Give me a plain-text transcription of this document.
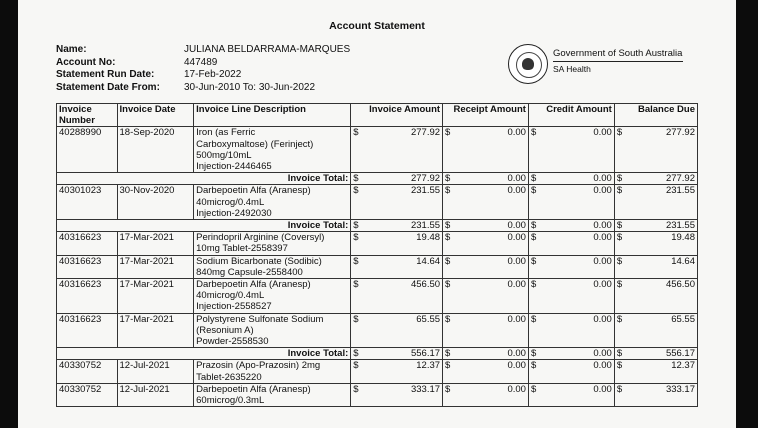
Account Statement
Name:	JULIANA BELDARRAMA-MARQUES
Account No:	447489
Statement Run Date:	17-Feb-2022
Statement Date From: 30-Jun-2010 To: 30-Jun-2022
Government of South Australia
SA Health
Invoice Number	Invoice Date	Invoice Line Description	Invoice Amount		Receipt Amount		Credit Amount		Balance Due	
40288990	18-Sep-2020	Iron (as Ferric
Carboxymaltose) (Ferinject)
500mg/10mL
Injection-2446465	$	277.92	$	0.00	$	0.00	$	277.92
Invoice Total:			$	277.92	$	0.00	$	0.00	$	277.92
40301023	30-Nov-2020	Darbepoetin Alfa (Aranesp)
40microg/0.4mL
Injection-2492030	$	231.55	$	0.00	$	0.00	$	231.55
Invoice Total:			$	231.55	$	0.00	$	0.00	$	231.55
40316623	17-Mar-2021	Perindopril Arginine (Coversyl)
10mg Tablet-2558397	$	19.48	$	0.00	$	0.00	$	19.48
40316623	17-Mar-2021	Sodium Bicarbonate (Sodibic)
840mg Capsule-2558400	$	14.64	$	0.00	$	0.00	$	14.64
40316623	17-Mar-2021	Darbepoetin Alfa (Aranesp)
40microg/0.4mL
Injection-2558527	$	456.50	$	0.00	$	0.00	$	456.50
40316623	17-Mar-2021	Polystyrene Sulfonate Sodium
(Resonium A)
Powder-2558530	$	65.55	$	0.00	$	0.00	$	65.55
Invoice Total:			$	556.17	$	0.00	$	0.00	$	556.17
40330752	12-Jul-2021	Prazosin (Apo-Prazosin) 2mg
Tablet-2635220	$	12.37	$	0.00	$	0.00	$	12.37
40330752	12-Jul-2021	Darbepoetin Alfa (Aranesp)
60microg/0.3mL	$	333.17	$	0.00	$	0.00	$	333.17
